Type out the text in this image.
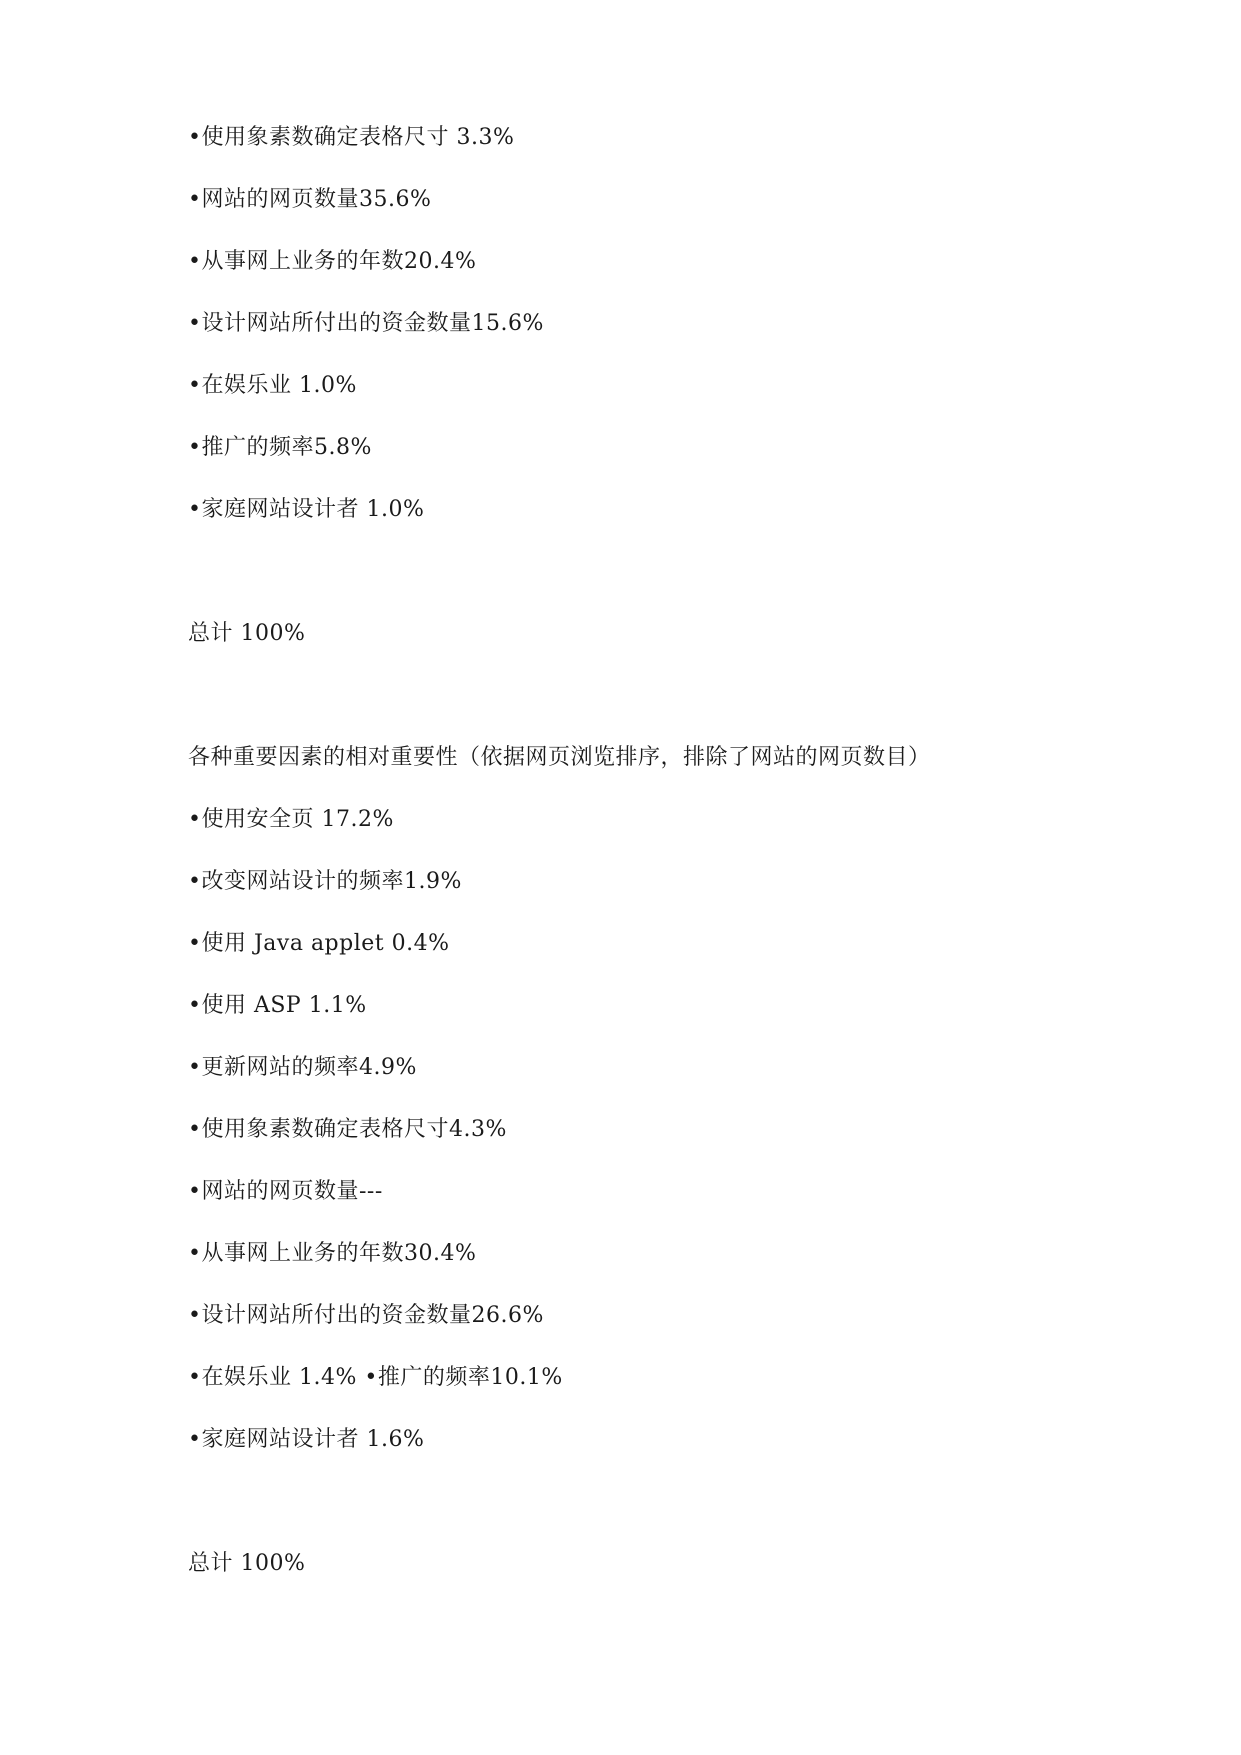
•使用象素数确定表格尺寸 3.3%
•网站的网页数量35.6%
•从事网上业务的年数20.4%
•设计网站所付出的资金数量15.6%
•在娱乐业 1.0%
•推广的频率5.8%
•家庭网站设计者 1.0%
总计 100%
各种重要因素的相对重要性（依据网页浏览排序，排除了网站的网页数目）
•使用安全页 17.2%
•改变网站设计的频率1.9%
•使用 Java applet 0.4%
•使用 ASP 1.1%
•更新网站的频率4.9%
•使用象素数确定表格尺寸4.3%
•网站的网页数量---
•从事网上业务的年数30.4%
•设计网站所付出的资金数量26.6%
•在娱乐业 1.4% •推广的频率10.1%
•家庭网站设计者 1.6%
总计 100%
